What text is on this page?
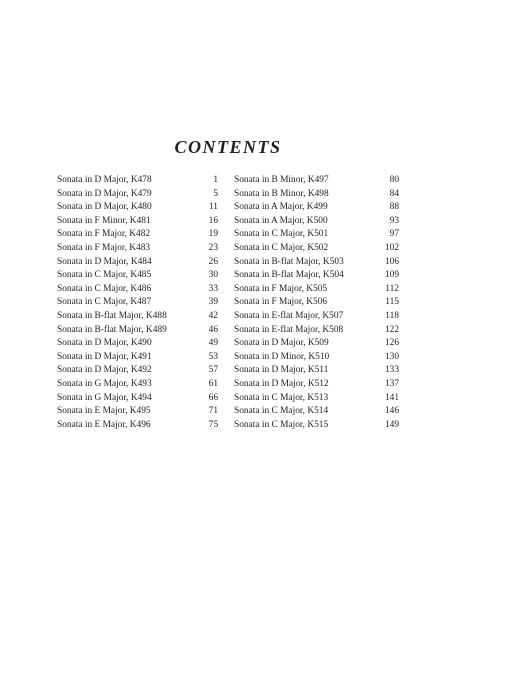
CONTENTS
Sonata in D Major, K478	1
Sonata in D Major, K479	5
Sonata in D Major, K480	11
Sonata in F Minor, K481	16
Sonata in F Major, K482	19
Sonata in F Major, K483	23
Sonata in D Major, K484	26
Sonata in C Major, K485	30
Sonata in C Major, K486	33
Sonata in C Major, K487	39
Sonata in B-flat Major, K488	42
Sonata in B-flat Major, K489	46
Sonata in D Major, K490	49
Sonata in D Major, K491	53
Sonata in D Major, K492	57
Sonata in G Major, K493	61
Sonata in G Major, K494	66
Sonata in E Major, K495	71
Sonata in E Major, K496	75
Sonata in B Minor, K497	80
Sonata in B Minor, K498	84
Sonata in A Major, K499	88
Sonata in A Major, K500	93
Sonata in C Major, K501	97
Sonata in C Major, K502	102
Sonata in B-flat Major, K503	106
Sonata in B-flat Major, K504	109
Sonata in F Major, K505	112
Sonata in F Major, K506	115
Sonata in E-flat Major, K507	118
Sonata in E-flat Major, K508	122
Sonata in D Major, K509	126
Sonata in D Minor, K510	130
Sonata in D Major, K511	133
Sonata in D Major, K512	137
Sonata in C Major, K513	141
Sonata in C Major, K514	146
Sonata in C Major, K515	149
